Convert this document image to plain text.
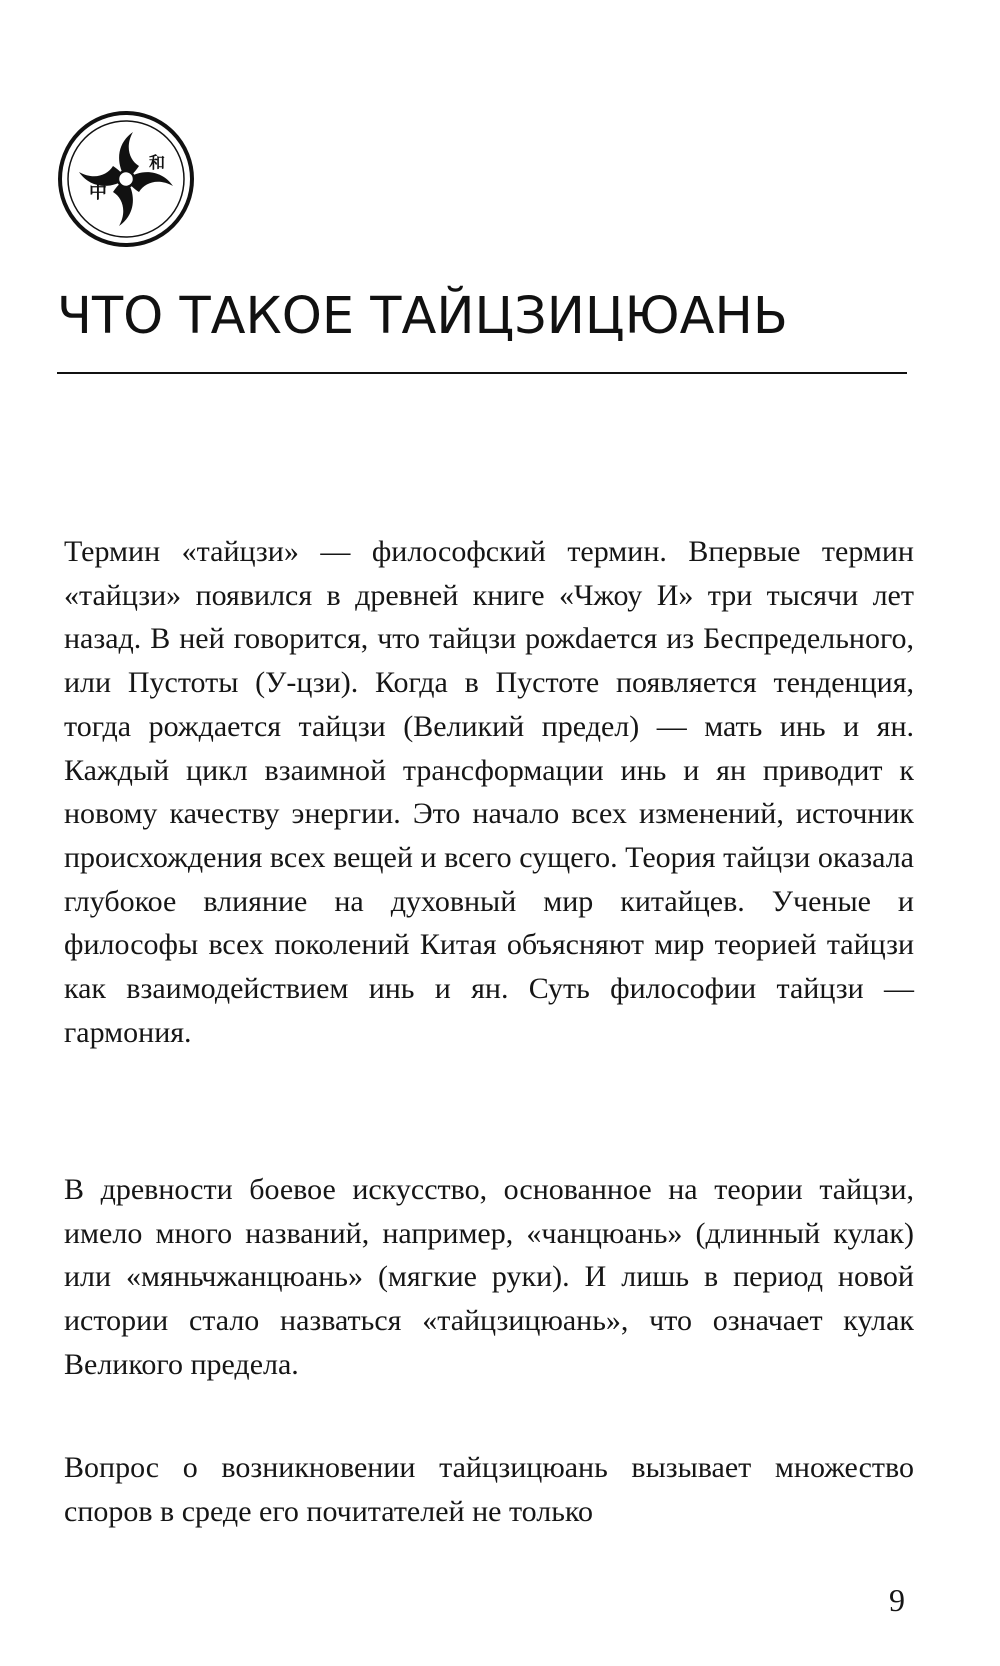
中
和
ЧТО ТАКОЕ ТАЙЦЗИЦЮАНЬ

Термин «тайцзи» — философский термин. Впервые термин «тайцзи» появился в древней книге «Чжоу И» три тысячи лет назад. В ней говорится, что тайцзи рожdается из Беспредельного, или Пустоты (У-цзи). Когда в Пустоте появляется тенденция, тогда рождается тайцзи (Великий предел) — мать инь и ян. Каждый цикл взаимной трансформации инь и ян приводит к новому качеству энергии. Это начало всех изменений, источник происхождения всех вещей и всего сущего. Теория тайцзи оказала глубокое влияние на духовный мир китайцев. Ученые и философы всех поколений Китая объясняют мир теорией тайцзи как взаимодействием инь и ян. Суть философии тайцзи — гармония.

В древности боевое искусство, основанное на теории тайцзи, имело много названий, например, «чанцюань» (длинный кулак) или «мяньчжанцюань» (мягкие руки). И лишь в период новой истории стало назваться «тайцзицюань», что означает кулак Великого предела.

Вопрос о возникновении тайцзицюань вызывает множество споров в среде его почитателей не только

9
